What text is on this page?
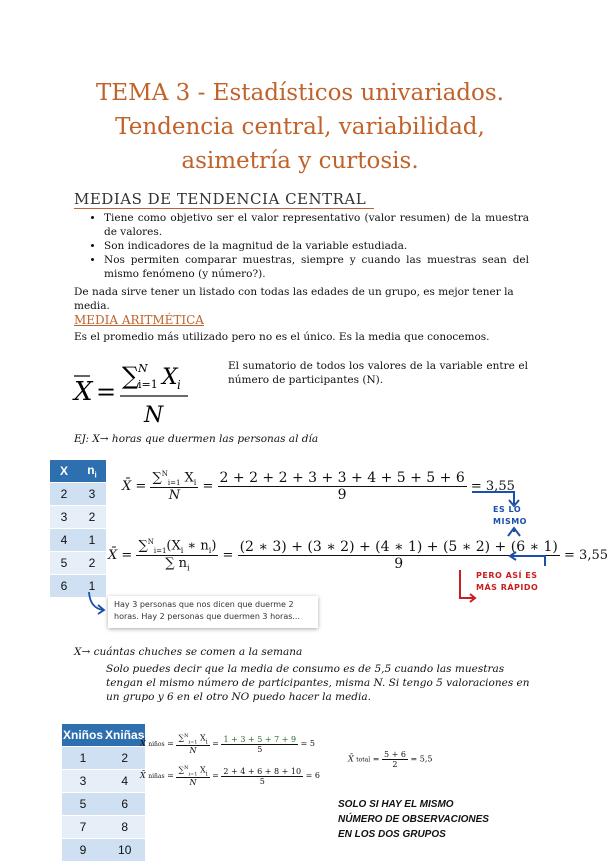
TEMA 3 - Estadísticos univariados.
Tendencia central, variabilidad,
asimetría y curtosis.
MEDIAS DE TENDENCIA CENTRAL
• Tiene como objetivo ser el valor representativo (valor resumen) de la muestra de valores.
• Son indicadores de la magnitud de la variable estudiada.
• Nos permiten comparar muestras, siempre y cuando las muestras sean del mismo fenómeno (y número?).
De nada sirve tener un listado con todas las edades de un grupo, es mejor tener la media.
MEDIA ARITMÉTICA
Es el promedio más utilizado pero no es el único. Es la media que conocemos.
X =
∑
N
i=1 X i
N
El sumatorio de todos los valores de la variable entre el número de participantes (N).
EJ: X→ horas que duermen las personas al día
X	$n_i$
2	3
3	2
4	1
5	2
6	1
X̄ = $\frac{\sum^N_{i=1} X_i}{N} = \frac{2 + 2 + 2 + 3 + 3 + 4 + 5 + 5 + 6}{9} = 3,55$
X̄ = $\frac{\sum^N_{i=1}(X_i ∗ n_i)}{\sum n_i} = \frac{(2 ∗ 3) + (3 ∗ 2) + (4 ∗ 1) + (5 ∗ 2) + (6 ∗ 1)}{9} = 3,55$
ES LO MISMO
PERO ASÍ ES MÁS RÁPIDO
Hay 3 personas que nos dicen que duerme 2 horas. Hay 2 personas que duermen 3 horas...
X→ cuántas chuches se comen a la semana
Solo puedes decir que la media de consumo es de 5,5 cuando las muestras tengan el mismo número de participantes, misma N. Si tengo 5 valoraciones en un grupo y 6 en el otro NO puedo hacer la media.
Xniños	Xniñas
1	2
3	4
5	6
7	8
9	10
X̄ niños = $\frac{\sum^N_{i=1} X_i}{N} = \frac{1 + 3 + 5 + 7 + 9}{5} = 5$
X̄ niñas = $\frac{\sum^N_{i=1} X_i}{N} = \frac{2 + 4 + 6 + 8 + 10}{5} = 6$
X̄ total = $\frac{5 + 6}{2} = 5,5$
SOLO SI HAY EL MISMO
NÚMERO DE OBSERVACIONES
EN LOS DOS GRUPOS
